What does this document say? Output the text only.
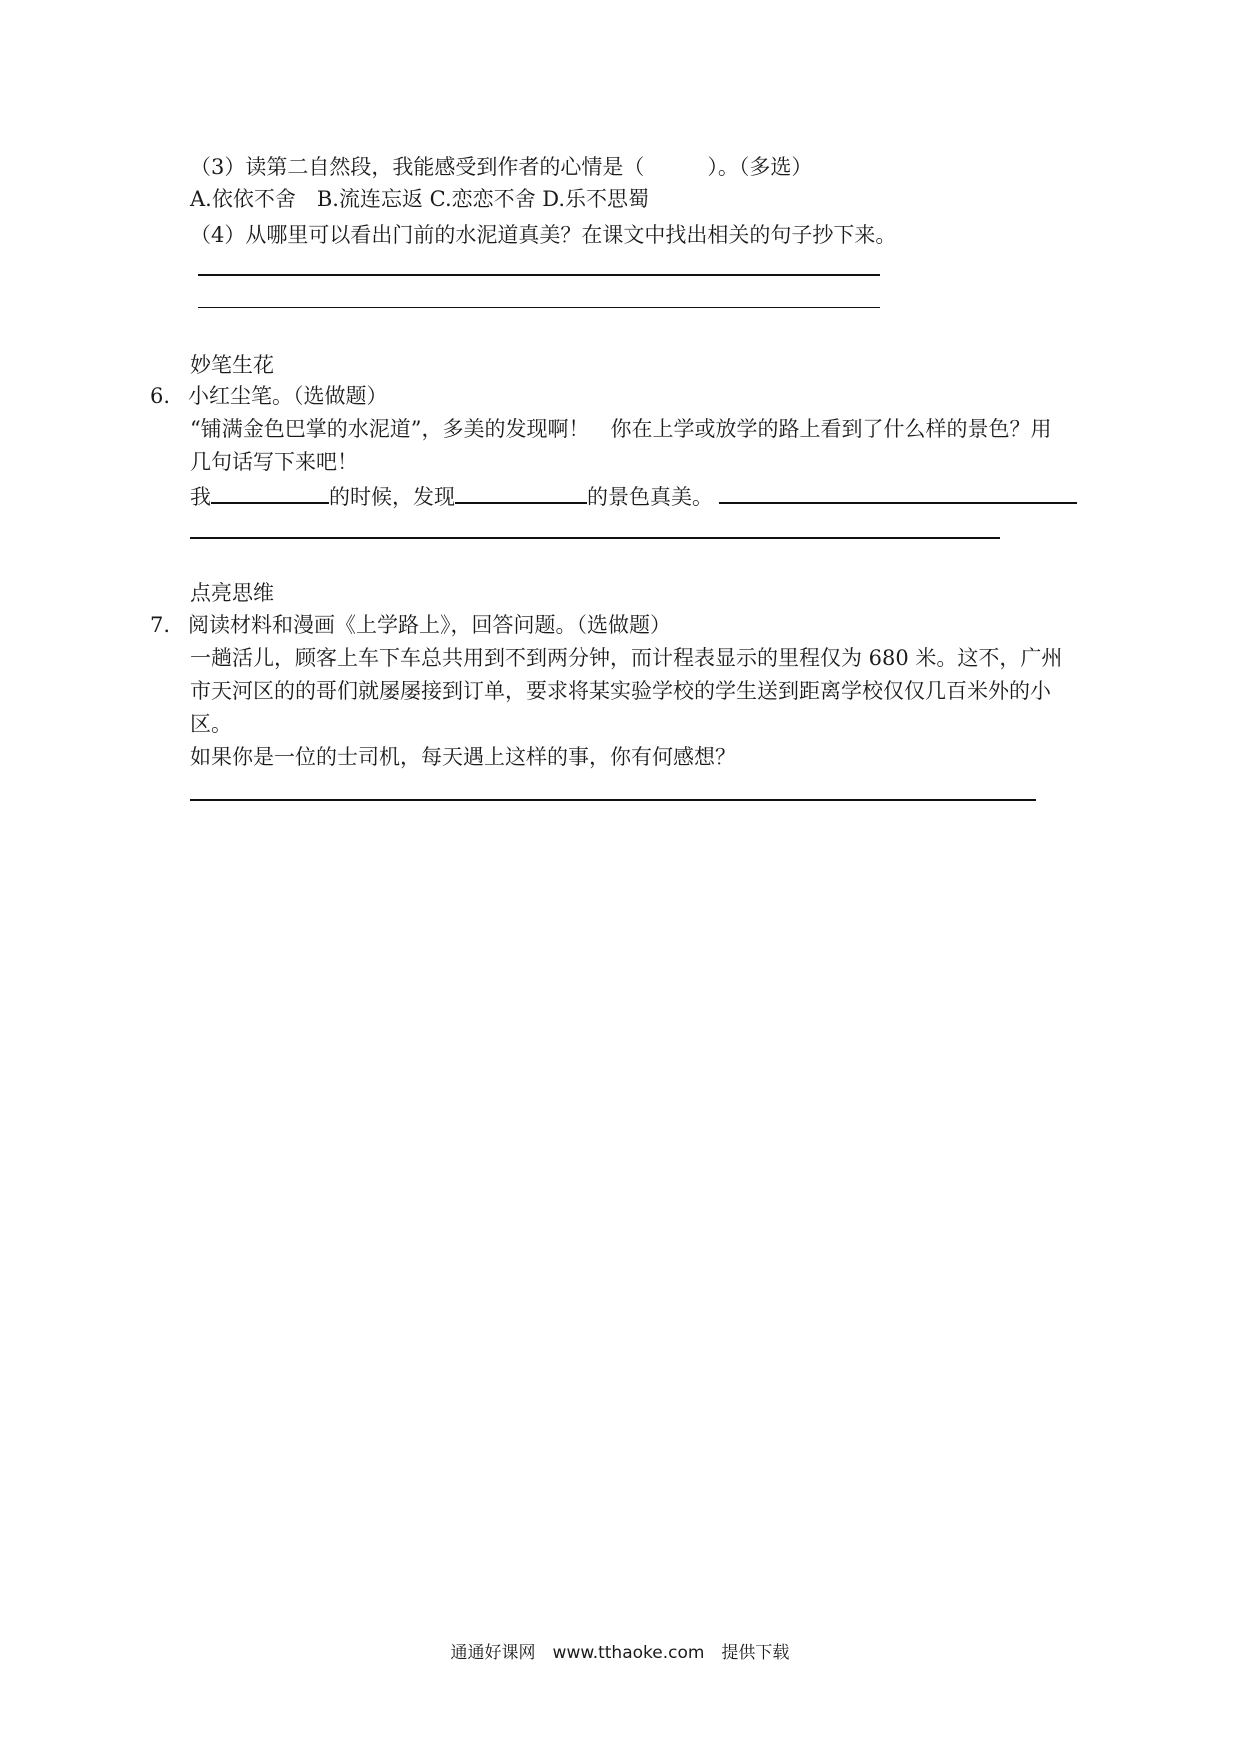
（3）读第二自然段，我能感受到作者的心情是（　　　）。（多选）
A.依依不舍　B.流连忘返 C.恋恋不舍 D.乐不思蜀
（4）从哪里可以看出门前的水泥道真美？在课文中找出相关的句子抄下来。
妙笔生花
6. 小红尘笔。（选做题）
“铺满金色巴掌的水泥道”，多美的发现啊！　你在上学或放学的路上看到了什么样的景色？用
几句话写下来吧！
我	的时候，发现	的景色真美。
点亮思维
7. 阅读材料和漫画《上学路上》，回答问题。（选做题）
一趟活儿，顾客上车下车总共用到不到两分钟，而计程表显示的里程仅为 680 米。这不，广州
市天河区的的哥们就屡屡接到订单，要求将某实验学校的学生送到距离学校仅仅几百米外的小
区。
如果你是一位的士司机，每天遇上这样的事，你有何感想？
通通好课网　www.tthaoke.com　提供下载
